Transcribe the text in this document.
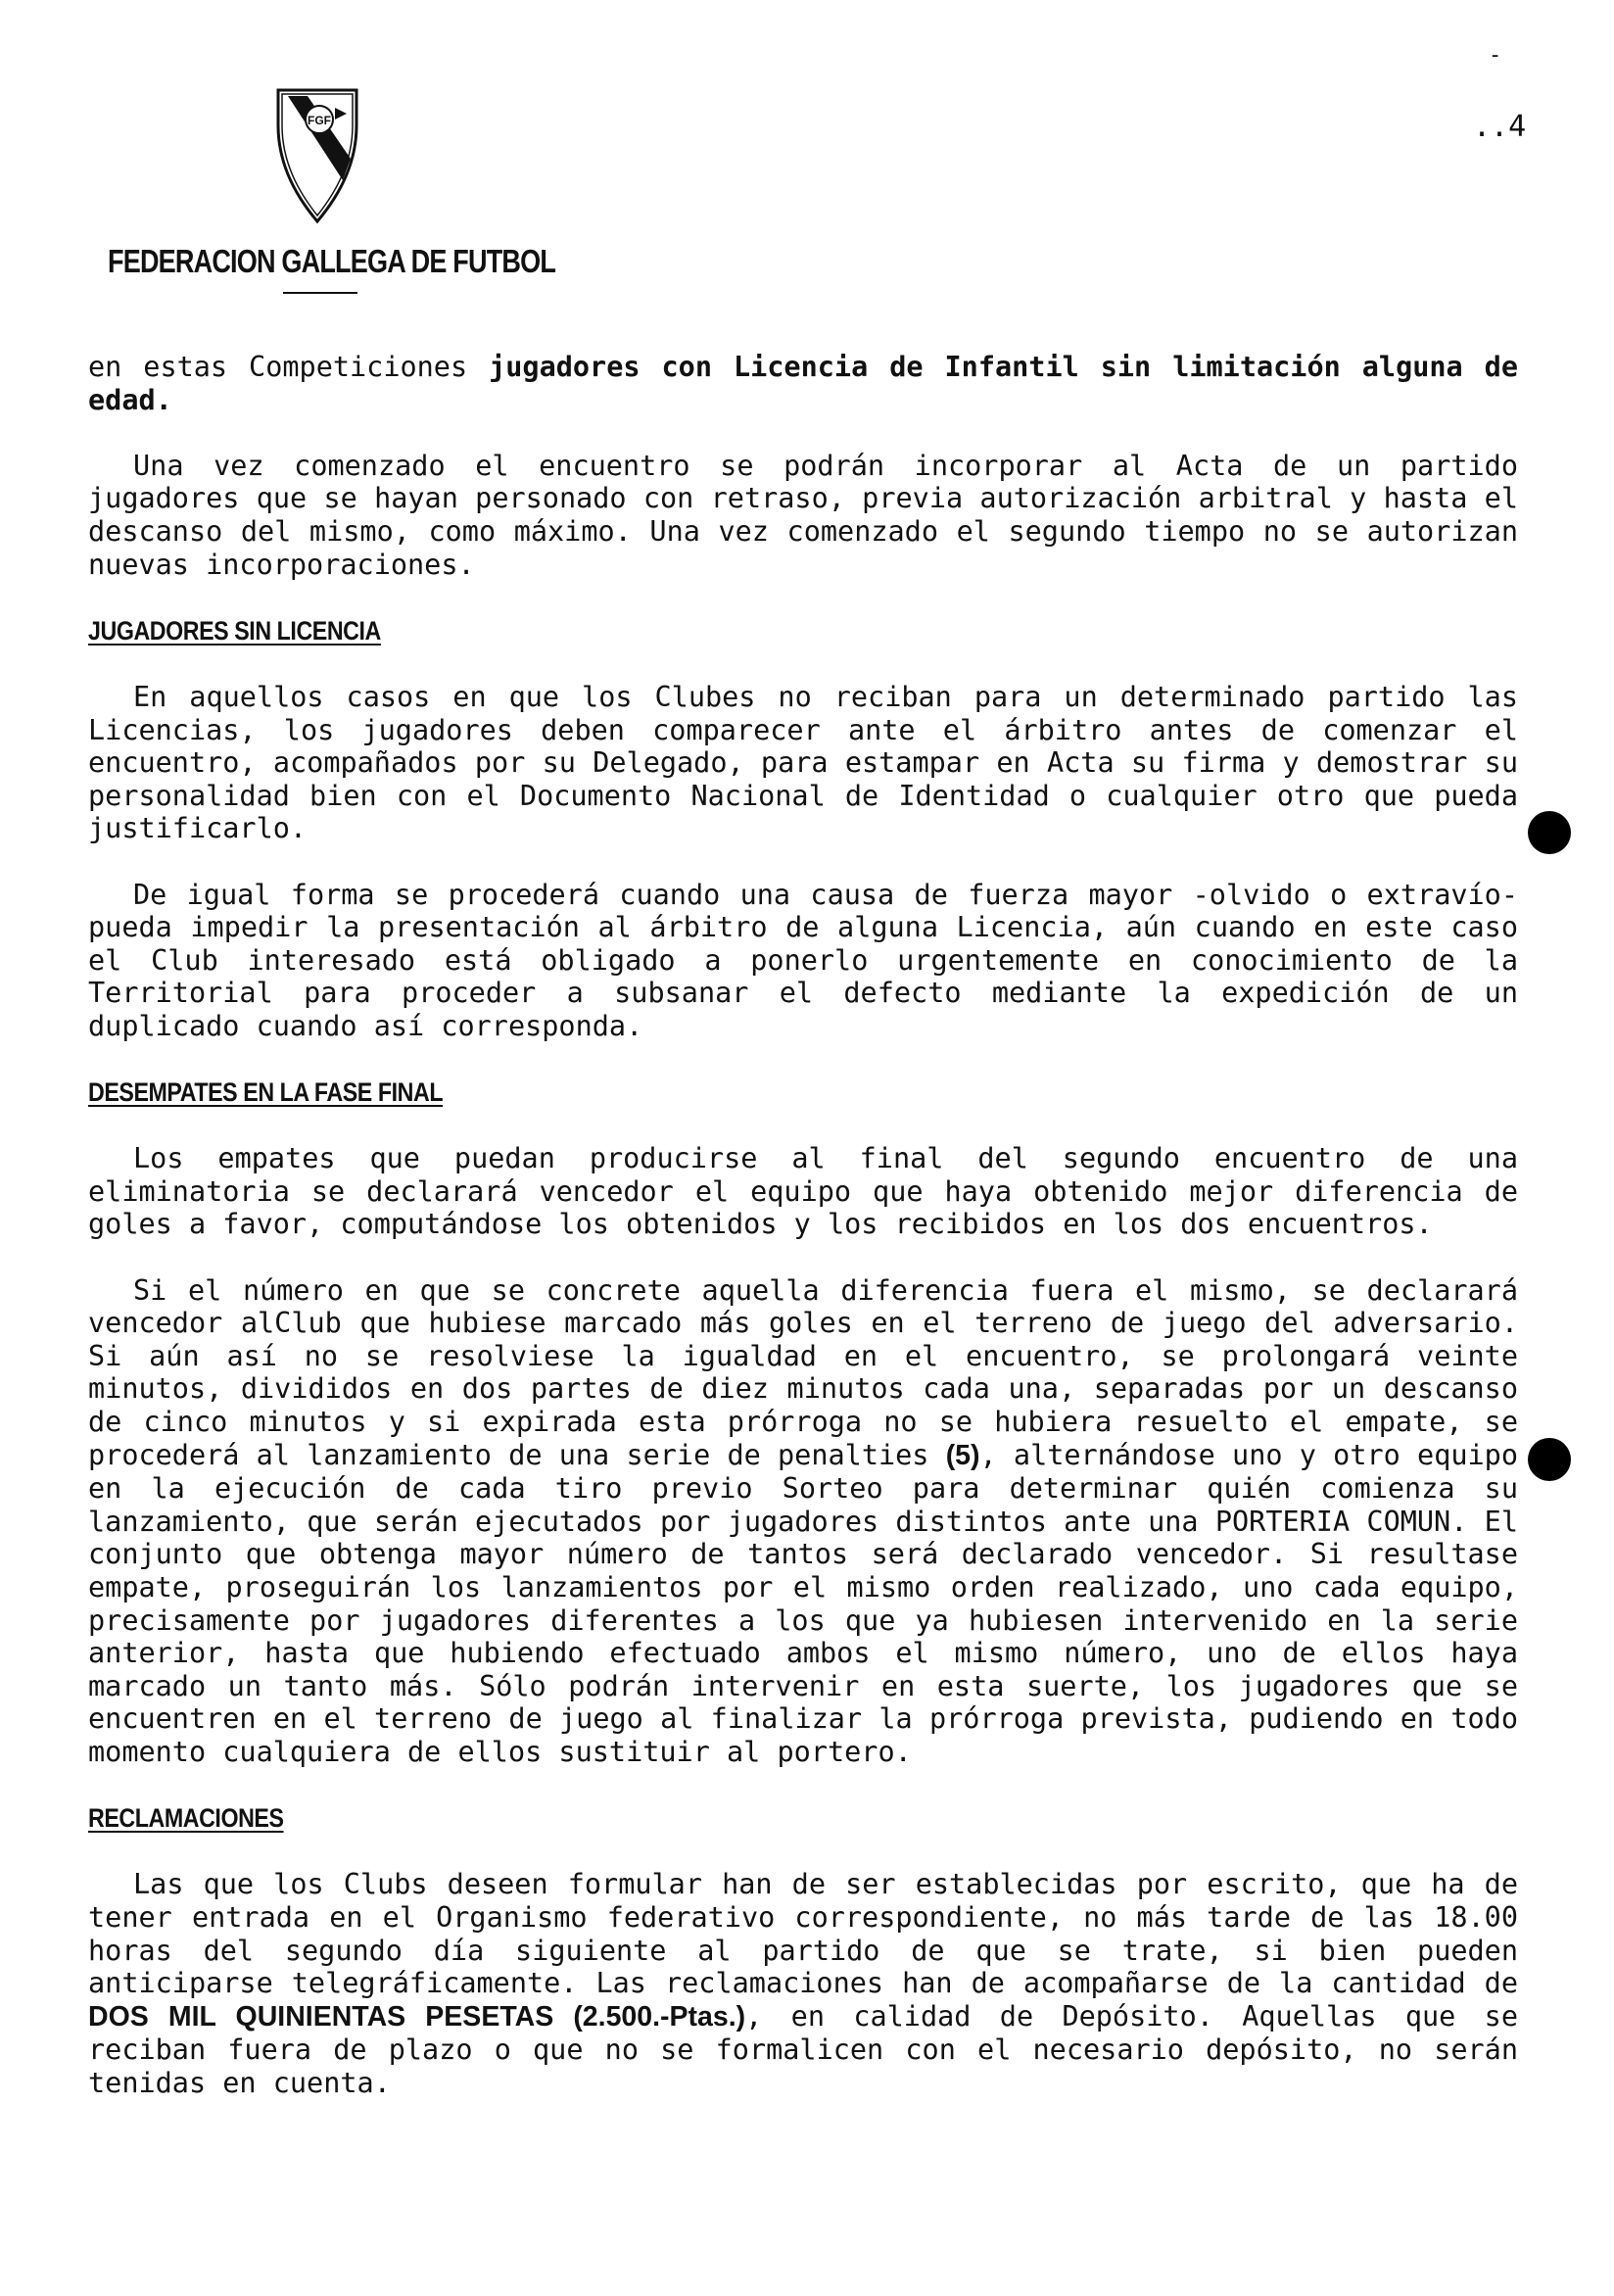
FGF
FEDERACION GALLEGA DE FUTBOL
-
..4

en estas Competiciones jugadores con Licencia de Infantil sin limitación alguna de edad.

Una vez comenzado el encuentro se podrán incorporar al Acta de un partido jugadores que se hayan personado con retraso, previa autorización arbitral y hasta el descanso del mismo, como máximo. Una vez comenzado el segundo tiempo no se autorizan nuevas incorporaciones.

JUGADORES SIN LICENCIA

En aquellos casos en que los Clubes no reciban para un determinado partido las Licencias, los jugadores deben comparecer ante el árbitro antes de comenzar el encuentro, acompañados por su Delegado, para estampar en Acta su firma y demostrar su personalidad bien con el Documento Nacional de Identidad o cualquier otro que pueda justificarlo.

De igual forma se procederá cuando una causa de fuerza mayor -olvido o extravío- pueda impedir la presentación al árbitro de alguna Licencia, aún cuando en este caso el Club interesado está obligado a ponerlo urgentemente en conocimiento de la Territorial para proceder a subsanar el defecto mediante la expedición de un duplicado cuando así corresponda.

DESEMPATES EN LA FASE FINAL

Los empates que puedan producirse al final del segundo encuentro de una eliminatoria se declarará vencedor el equipo que haya obtenido mejor diferencia de goles a favor, computándose los obtenidos y los recibidos en los dos encuentros.

Si el número en que se concrete aquella diferencia fuera el mismo, se declarará vencedor alClub que hubiese marcado más goles en el terreno de juego del adversario. Si aún así no se resolviese la igualdad en el encuentro, se prolongará veinte minutos, divididos en dos partes de diez minutos cada una, separadas por un descanso de cinco minutos y si expirada esta prórroga no se hubiera resuelto el empate, se procederá al lanzamiento de una serie de penalties (5), alternándose uno y otro equipo en la ejecución de cada tiro previo Sorteo para determinar quién comienza su lanzamiento, que serán ejecutados por jugadores distintos ante una PORTERIA COMUN. El conjunto que obtenga mayor número de tantos será declarado vencedor. Si resultase empate, proseguirán los lanzamientos por el mismo orden realizado, uno cada equipo, precisamente por jugadores diferentes a los que ya hubiesen intervenido en la serie anterior, hasta que hubiendo efectuado ambos el mismo número, uno de ellos haya marcado un tanto más. Sólo podrán intervenir en esta suerte, los jugadores que se encuentren en el terreno de juego al finalizar la prórroga prevista, pudiendo en todo momento cualquiera de ellos sustituir al portero.

RECLAMACIONES

Las que los Clubs deseen formular han de ser establecidas por escrito, que ha de tener entrada en el Organismo federativo correspondiente, no más tarde de las 18.00 horas del segundo día siguiente al partido de que se trate, si bien pueden anticiparse telegráficamente. Las reclamaciones han de acompañarse de la cantidad de DOS MIL QUINIENTAS PESETAS (2.500.-Ptas.), en calidad de Depósito. Aquellas que se reciban fuera de plazo o que no se formalicen con el necesario depósito, no serán tenidas en cuenta.
